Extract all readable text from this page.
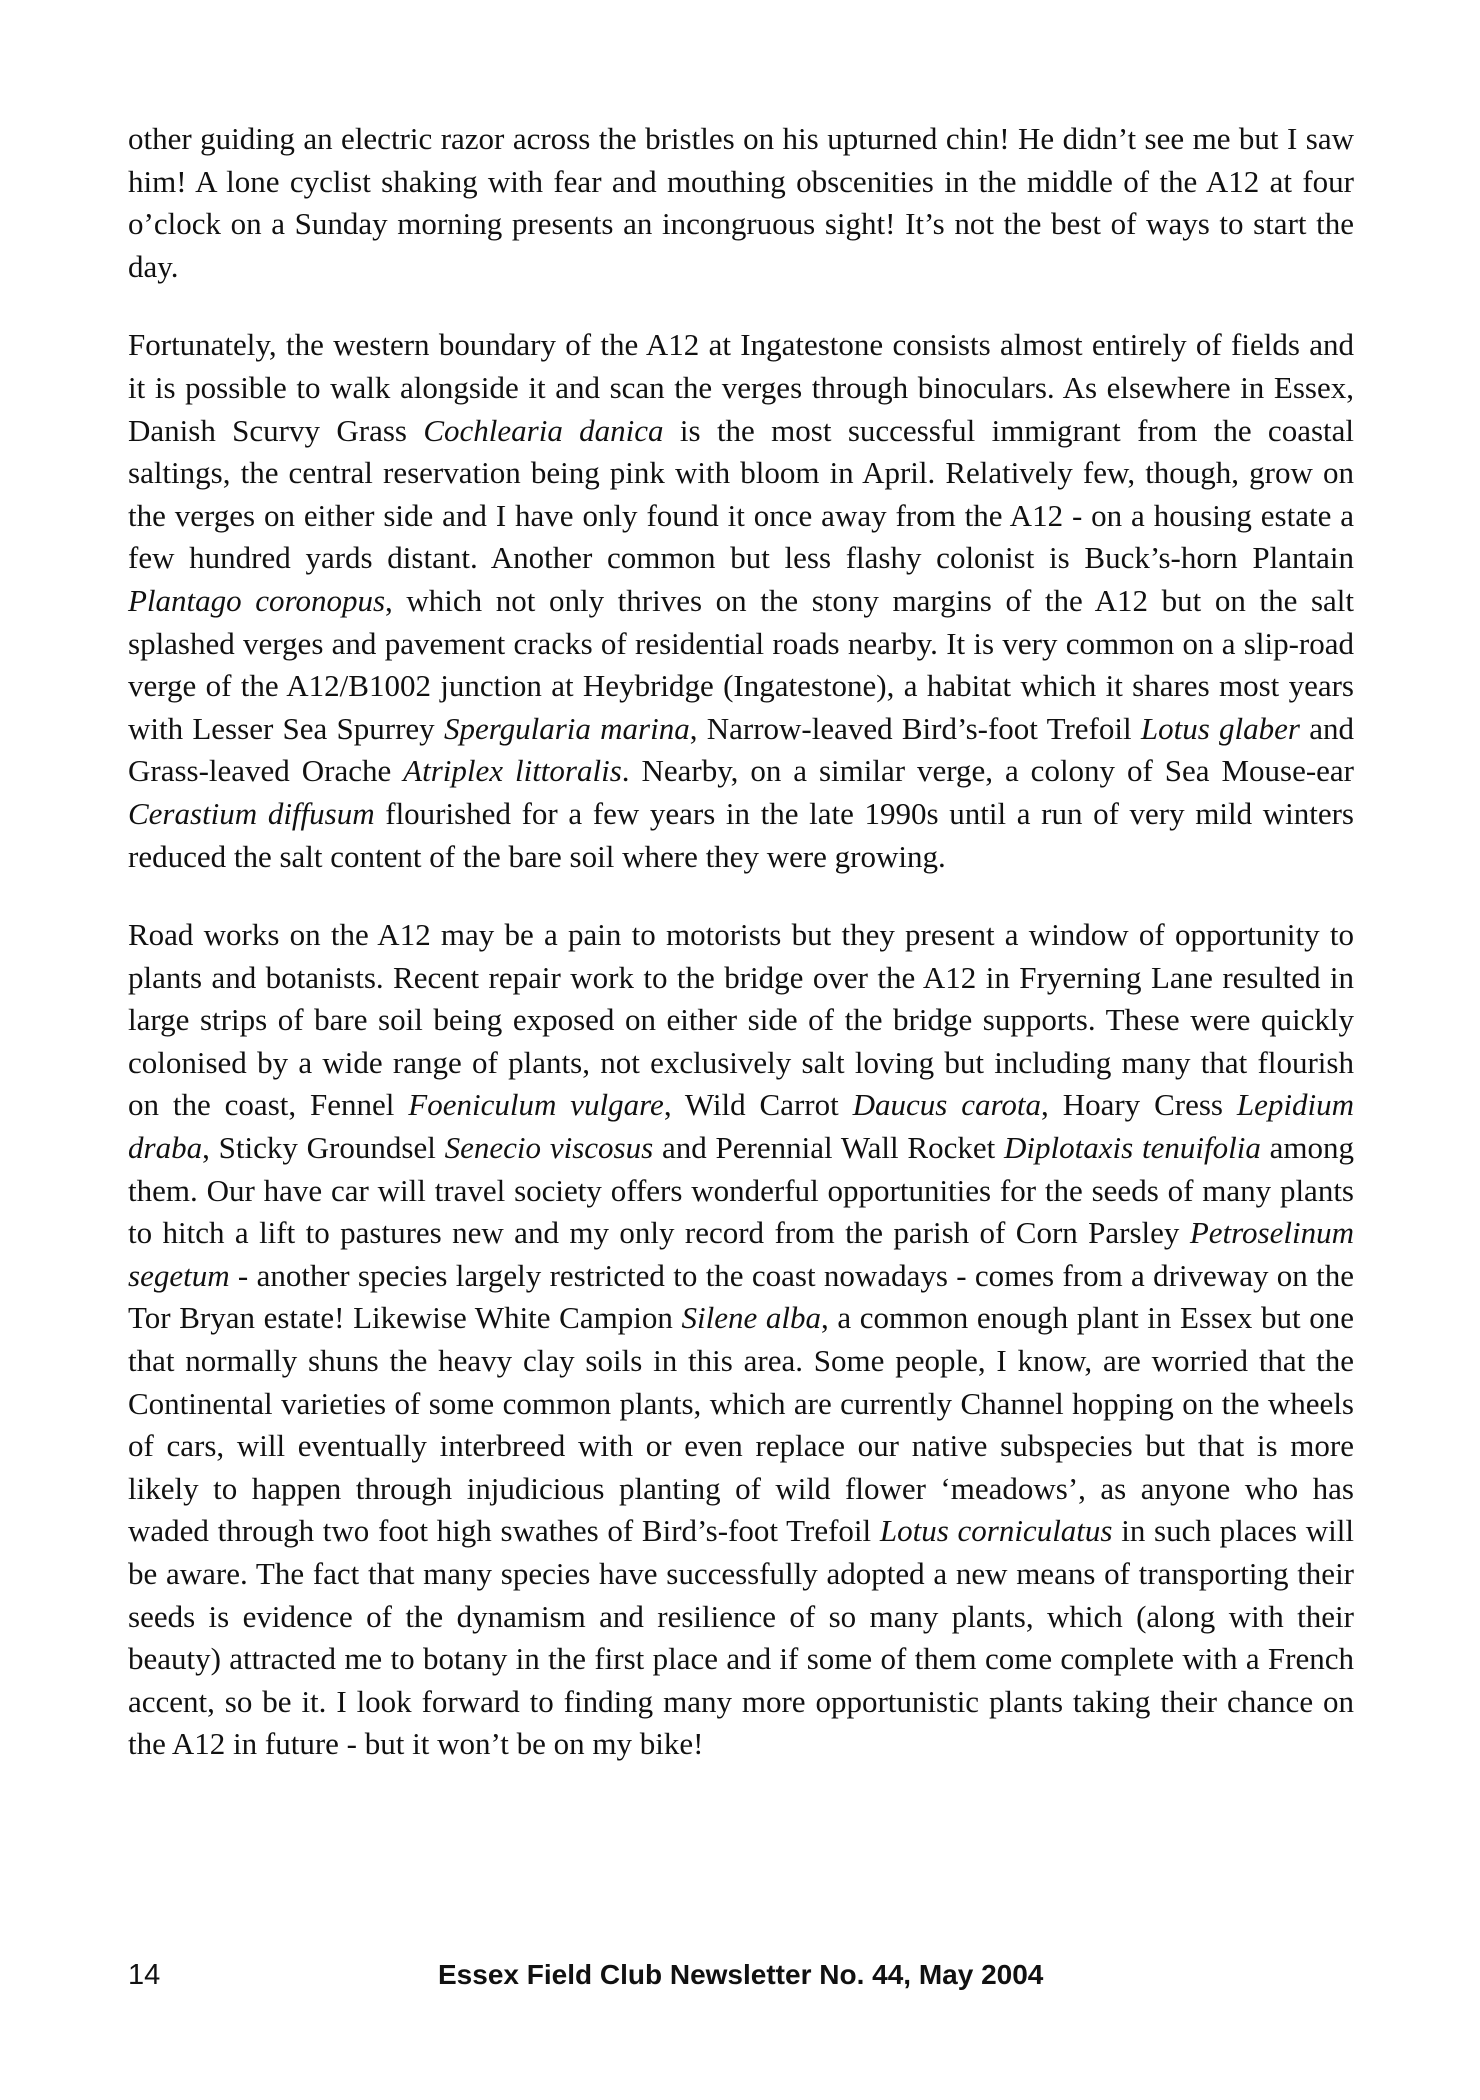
other guiding an electric razor across the bristles on his upturned chin! He didn’t see me but I saw him! A lone cyclist shaking with fear and mouthing obscenities in the middle of the A12 at four o’clock on a Sunday morning presents an incongruous sight! It’s not the best of ways to start the day.

Fortunately, the western boundary of the A12 at Ingatestone consists almost entirely of fields and it is possible to walk alongside it and scan the verges through binoculars. As elsewhere in Essex, Danish Scurvy Grass Cochlearia danica is the most successful immigrant from the coastal saltings, the central reservation being pink with bloom in April. Relatively few, though, grow on the verges on either side and I have only found it once away from the A12 - on a housing estate a few hundred yards distant. Another common but less flashy colonist is Buck’s-horn Plantain Plantago coronopus, which not only thrives on the stony margins of the A12 but on the salt splashed verges and pavement cracks of residential roads nearby. It is very common on a slip-road verge of the A12/B1002 junction at Heybridge (Ingatestone), a habitat which it shares most years with Lesser Sea Spurrey Spergularia marina, Narrow-leaved Bird’s-foot Trefoil Lotus glaber and Grass-leaved Orache Atriplex littoralis. Nearby, on a similar verge, a colony of Sea Mouse-ear Cerastium diffusum flourished for a few years in the late 1990s until a run of very mild winters reduced the salt content of the bare soil where they were growing.

Road works on the A12 may be a pain to motorists but they present a window of opportunity to plants and botanists. Recent repair work to the bridge over the A12 in Fryerning Lane resulted in large strips of bare soil being exposed on either side of the bridge supports. These were quickly colonised by a wide range of plants, not exclusively salt loving but including many that flourish on the coast, Fennel Foeniculum vulgare, Wild Carrot Daucus carota, Hoary Cress Lepidium draba, Sticky Groundsel Senecio viscosus and Perennial Wall Rocket Diplotaxis tenuifolia among them. Our have car will travel society offers wonderful opportunities for the seeds of many plants to hitch a lift to pastures new and my only record from the parish of Corn Parsley Petroselinum segetum - another species largely restricted to the coast nowadays - comes from a driveway on the Tor Bryan estate! Likewise White Campion Silene alba, a common enough plant in Essex but one that normally shuns the heavy clay soils in this area. Some people, I know, are worried that the Continental varieties of some common plants, which are currently Channel hopping on the wheels of cars, will eventually interbreed with or even replace our native subspecies but that is more likely to happen through injudicious planting of wild flower ‘meadows’, as anyone who has waded through two foot high swathes of Bird’s-foot Trefoil Lotus corniculatus in such places will be aware. The fact that many species have successfully adopted a new means of transporting their seeds is evidence of the dynamism and resilience of so many plants, which (along with their beauty) attracted me to botany in the first place and if some of them come complete with a French accent, so be it. I look forward to finding many more opportunistic plants taking their chance on the A12 in future - but it won’t be on my bike!

14	Essex Field Club Newsletter No. 44, May 2004
